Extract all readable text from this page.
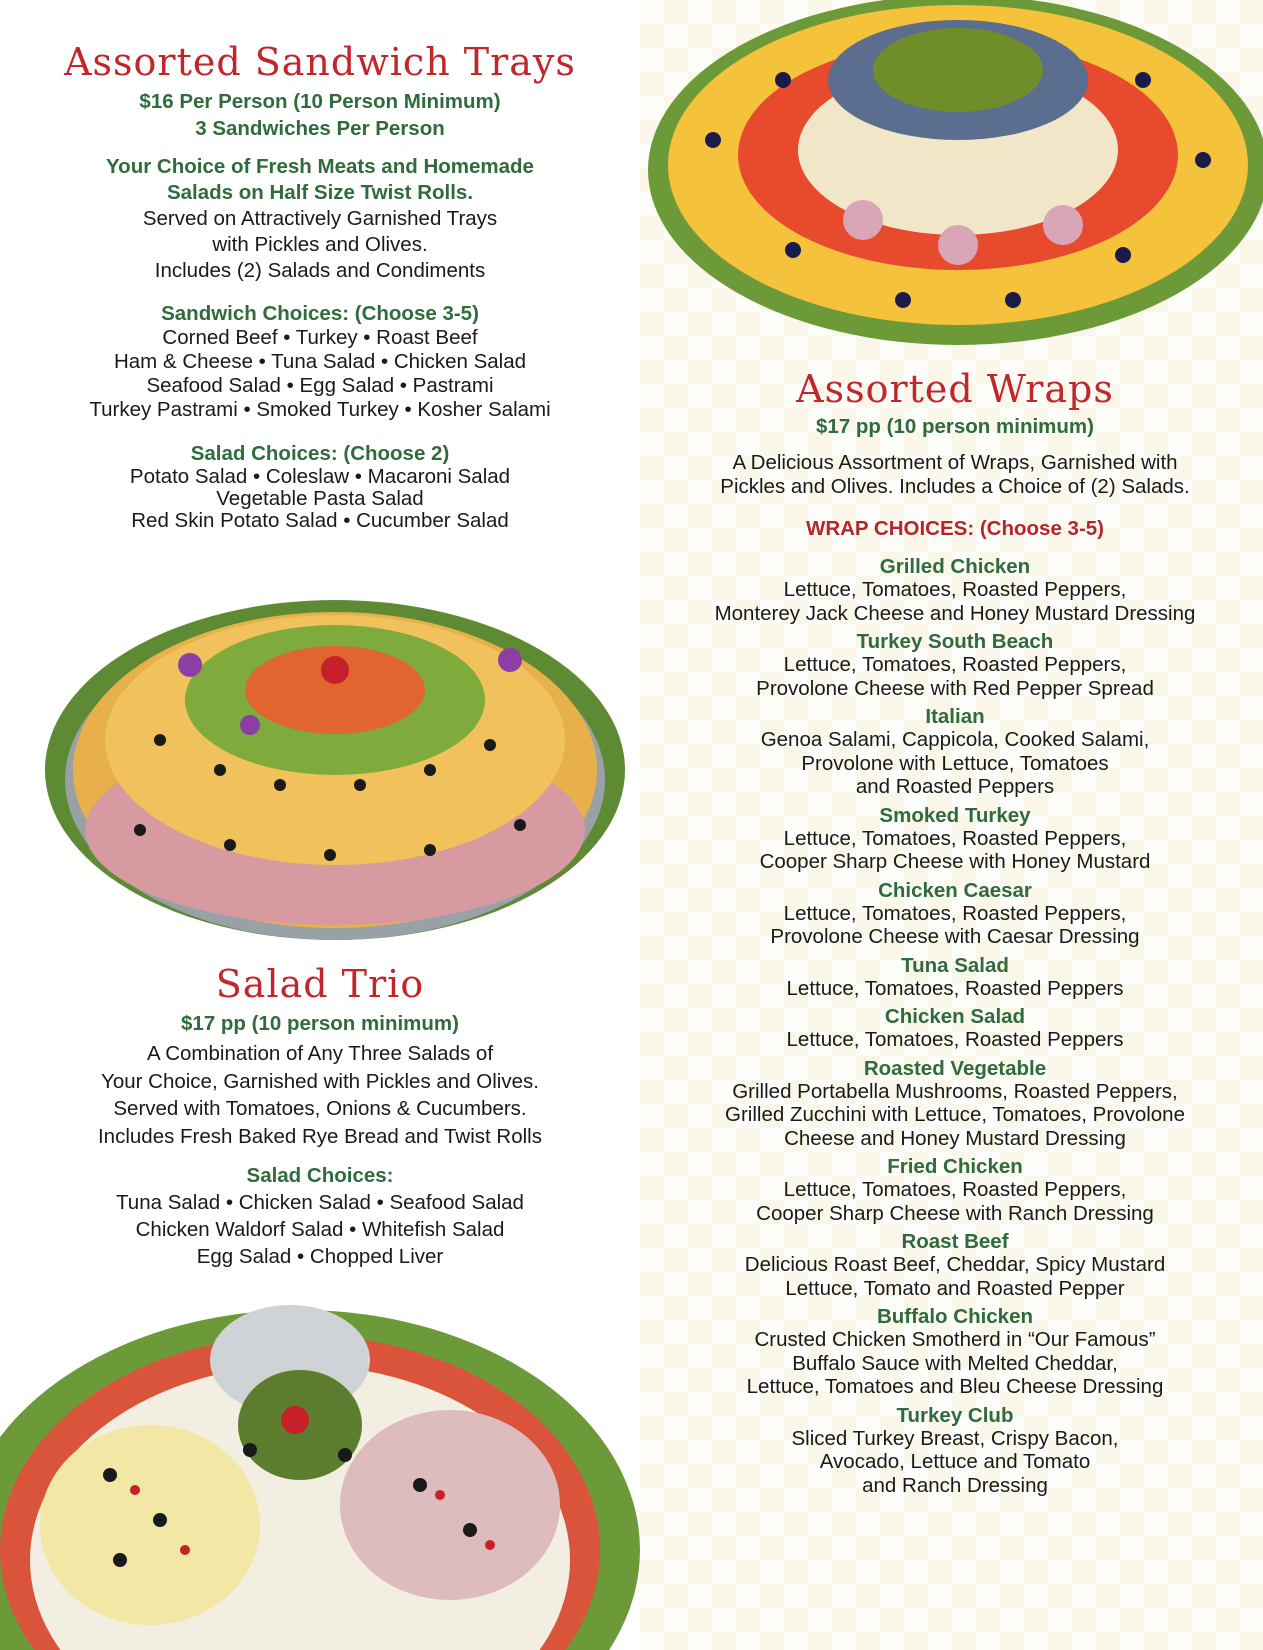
Assorted Sandwich Trays

$16 Per Person (10 Person Minimum)

3 Sandwiches Per Person

Your Choice of Fresh Meats and Homemade

Salads on Half Size Twist Rolls.

Served on Attractively Garnished Trays

with Pickles and Olives.

Includes (2) Salads and Condiments

Sandwich Choices: (Choose 3-5)

Corned Beef • Turkey • Roast Beef

Ham & Cheese • Tuna Salad • Chicken Salad

Seafood Salad • Egg Salad • Pastrami

Turkey Pastrami • Smoked Turkey • Kosher Salami

Salad Choices: (Choose 2)

Potato Salad • Coleslaw • Macaroni Salad

Vegetable Pasta Salad

Red Skin Potato Salad • Cucumber Salad

Salad Trio

$17 pp (10 person minimum)

A Combination of Any Three Salads of

Your Choice, Garnished with Pickles and Olives.

Served with Tomatoes, Onions & Cucumbers.

Includes Fresh Baked Rye Bread and Twist Rolls

Salad Choices:

Tuna Salad • Chicken Salad • Seafood Salad

Chicken Waldorf Salad • Whitefish Salad

Egg Salad • Chopped Liver

Assorted Wraps

$17 pp (10 person minimum)

A Delicious Assortment of Wraps, Garnished with

Pickles and Olives. Includes a Choice of (2) Salads.

WRAP CHOICES: (Choose 3-5)

Grilled Chicken

Lettuce, Tomatoes, Roasted Peppers,

Monterey Jack Cheese and Honey Mustard Dressing

Turkey South Beach

Lettuce, Tomatoes, Roasted Peppers,

Provolone Cheese with Red Pepper Spread

Italian

Genoa Salami, Cappicola, Cooked Salami,

Provolone with Lettuce, Tomatoes

and Roasted Peppers

Smoked Turkey

Lettuce, Tomatoes, Roasted Peppers,

Cooper Sharp Cheese with Honey Mustard

Chicken Caesar

Lettuce, Tomatoes, Roasted Peppers,

Provolone Cheese with Caesar Dressing

Tuna Salad

Lettuce, Tomatoes, Roasted Peppers

Chicken Salad

Lettuce, Tomatoes, Roasted Peppers

Roasted Vegetable

Grilled Portabella Mushrooms, Roasted Peppers,

Grilled Zucchini with Lettuce, Tomatoes, Provolone

Cheese and Honey Mustard Dressing

Fried Chicken

Lettuce, Tomatoes, Roasted Peppers,

Cooper Sharp Cheese with Ranch Dressing

Roast Beef

Delicious Roast Beef, Cheddar, Spicy Mustard

Lettuce, Tomato and Roasted Pepper

Buffalo Chicken

Crusted Chicken Smotherd in “Our Famous”

Buffalo Sauce with Melted Cheddar,

Lettuce, Tomatoes and Bleu Cheese Dressing

Turkey Club

Sliced Turkey Breast, Crispy Bacon,

Avocado, Lettuce and Tomato

and Ranch Dressing
